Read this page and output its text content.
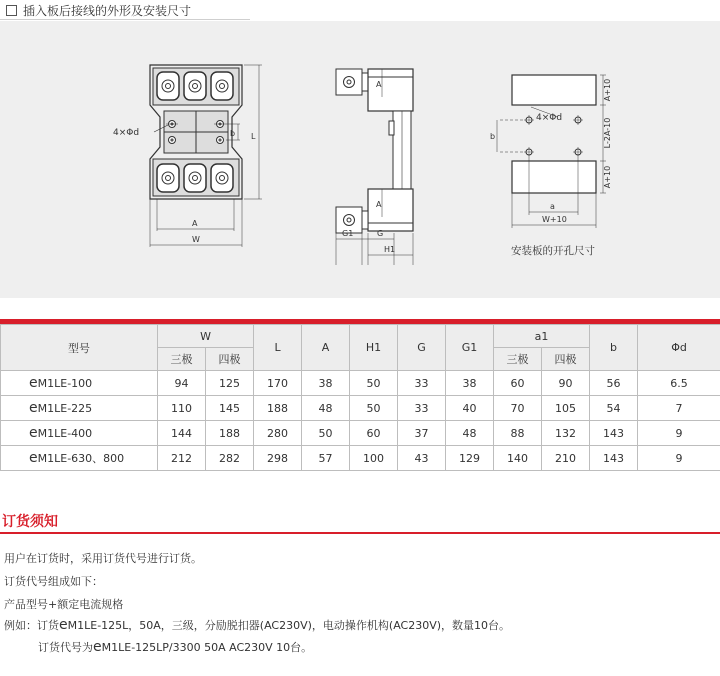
插入板后接线的外形及安装尺寸
4×Φd	b L
A
W
A
A
G1	G
H1
4×Φd
b
a
W+10
A+10
L-2A-10
A+10
安装板的开孔尺寸
型号	W		L	A	H1	G	G1	a1		b	Φd
	三极	四极						三极	四极		
eM1LE-100	94	125	170	38	50	33	38	60	90	56	6.5
eM1LE-225	110	145	188	48	50	33	40	70	105	54	7
eM1LE-400	144	188	280	50	60	37	48	88	132	143	9
eM1LE-630、800	212	282	298	57	100	43	129	140	210	143	9
订货须知
用户在订货时，采用订货代号进行订货。
订货代号组成如下：
产品型号+额定电流规格
例如：订货eM1LE-125L，50A，三级，分励脱扣器(AC230V)，电动操作机构(AC230V)，数量10台。
订货代号为eM1LE-125LP/3300 50A AC230V 10台。
